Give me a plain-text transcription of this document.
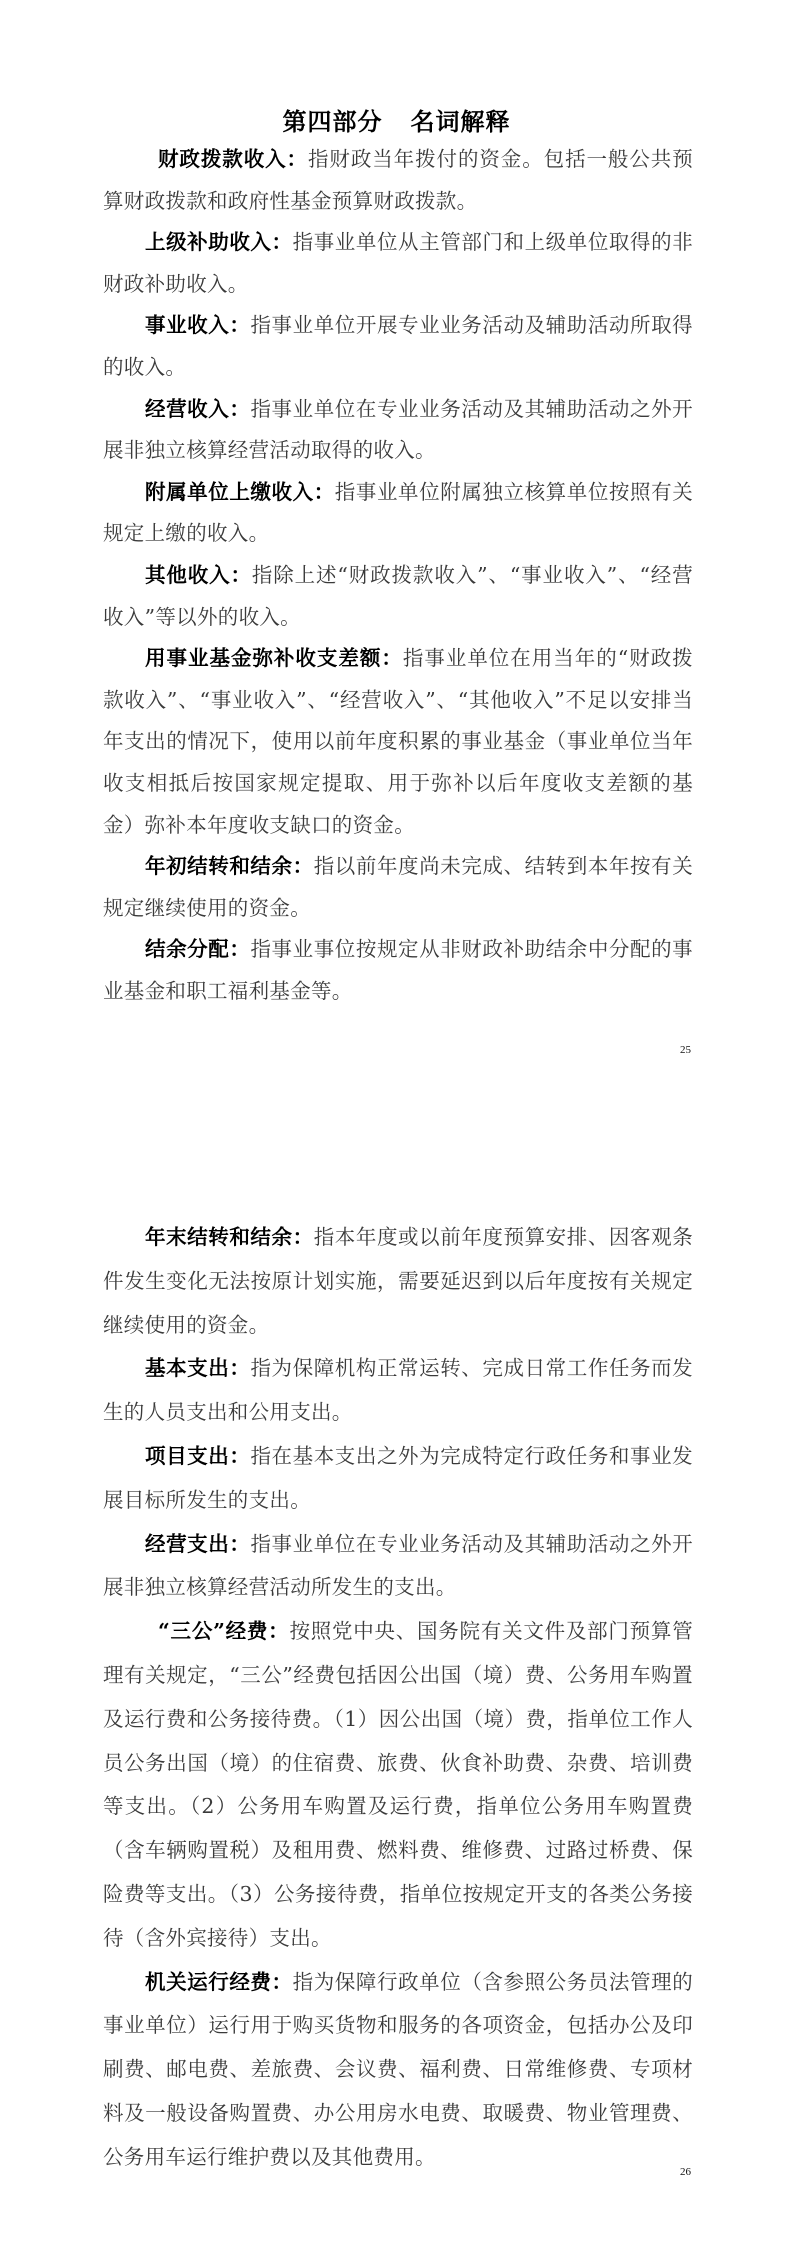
第四部分 名词解释

财政拨款收入：指财政当年拨付的资金。包括一般公共预算财政拨款和政府性基金预算财政拨款。

上级补助收入：指事业单位从主管部门和上级单位取得的非财政补助收入。

事业收入：指事业单位开展专业业务活动及辅助活动所取得的收入。

经营收入：指事业单位在专业业务活动及其辅助活动之外开展非独立核算经营活动取得的收入。

附属单位上缴收入：指事业单位附属独立核算单位按照有关规定上缴的收入。

其他收入：指除上述“财政拨款收入”、“事业收入”、“经营收入”等以外的收入。

用事业基金弥补收支差额：指事业单位在用当年的“财政拨款收入”、“事业收入”、“经营收入”、“其他收入”不足以安排当年支出的情况下，使用以前年度积累的事业基金（事业单位当年收支相抵后按国家规定提取、用于弥补以后年度收支差额的基金）弥补本年度收支缺口的资金。

年初结转和结余：指以前年度尚未完成、结转到本年按有关规定继续使用的资金。

结余分配：指事业事位按规定从非财政补助结余中分配的事业基金和职工福利基金等。

25

年末结转和结余：指本年度或以前年度预算安排、因客观条件发生变化无法按原计划实施，需要延迟到以后年度按有关规定继续使用的资金。

基本支出：指为保障机构正常运转、完成日常工作任务而发生的人员支出和公用支出。

项目支出：指在基本支出之外为完成特定行政任务和事业发展目标所发生的支出。

经营支出：指事业单位在专业业务活动及其辅助活动之外开展非独立核算经营活动所发生的支出。

“三公”经费：按照党中央、国务院有关文件及部门预算管理有关规定，“三公”经费包括因公出国（境）费、公务用车购置及运行费和公务接待费。（1）因公出国（境）费，指单位工作人员公务出国（境）的住宿费、旅费、伙食补助费、杂费、培训费等支出。（2）公务用车购置及运行费，指单位公务用车购置费（含车辆购置税）及租用费、燃料费、维修费、过路过桥费、保险费等支出。（3）公务接待费，指单位按规定开支的各类公务接待（含外宾接待）支出。

机关运行经费：指为保障行政单位（含参照公务员法管理的事业单位）运行用于购买货物和服务的各项资金，包括办公及印刷费、邮电费、差旅费、会议费、福利费、日常维修费、专项材料及一般设备购置费、办公用房水电费、取暖费、物业管理费、公务用车运行维护费以及其他费用。

26
